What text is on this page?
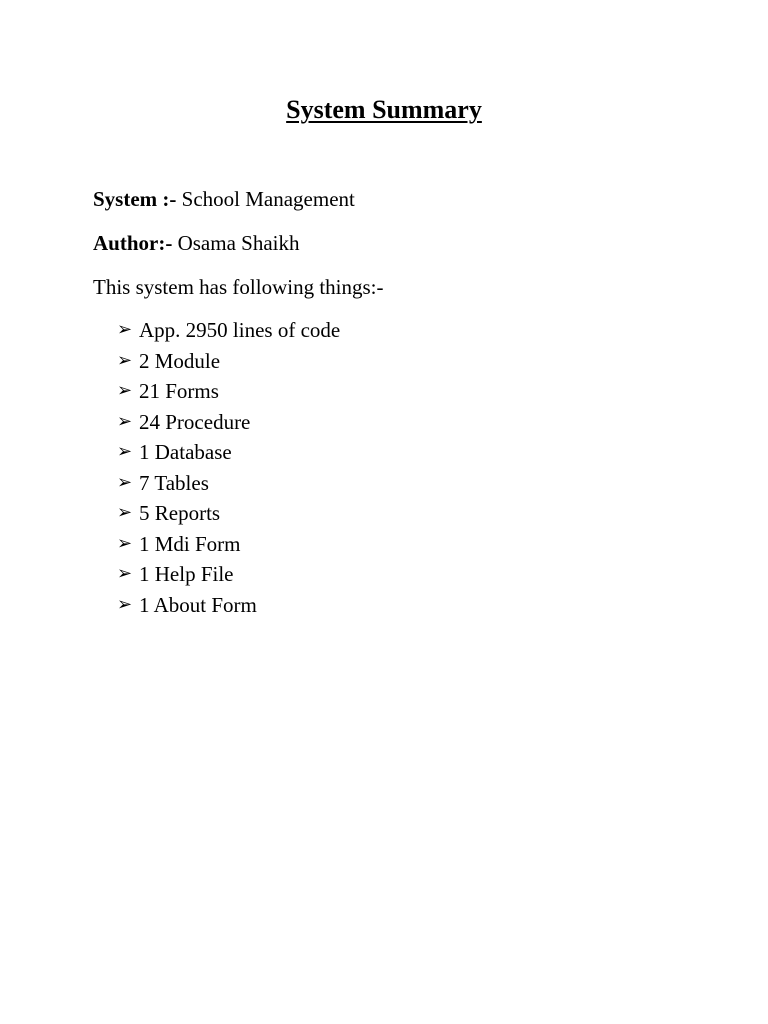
System Summary
System :- School Management
Author:- Osama Shaikh
This system has following things:-
➢ App. 2950 lines of code
➢ 2 Module
➢ 21 Forms
➢ 24 Procedure
➢ 1 Database
➢ 7 Tables
➢ 5 Reports
➢ 1 Mdi Form
➢ 1 Help File
➢ 1 About Form
